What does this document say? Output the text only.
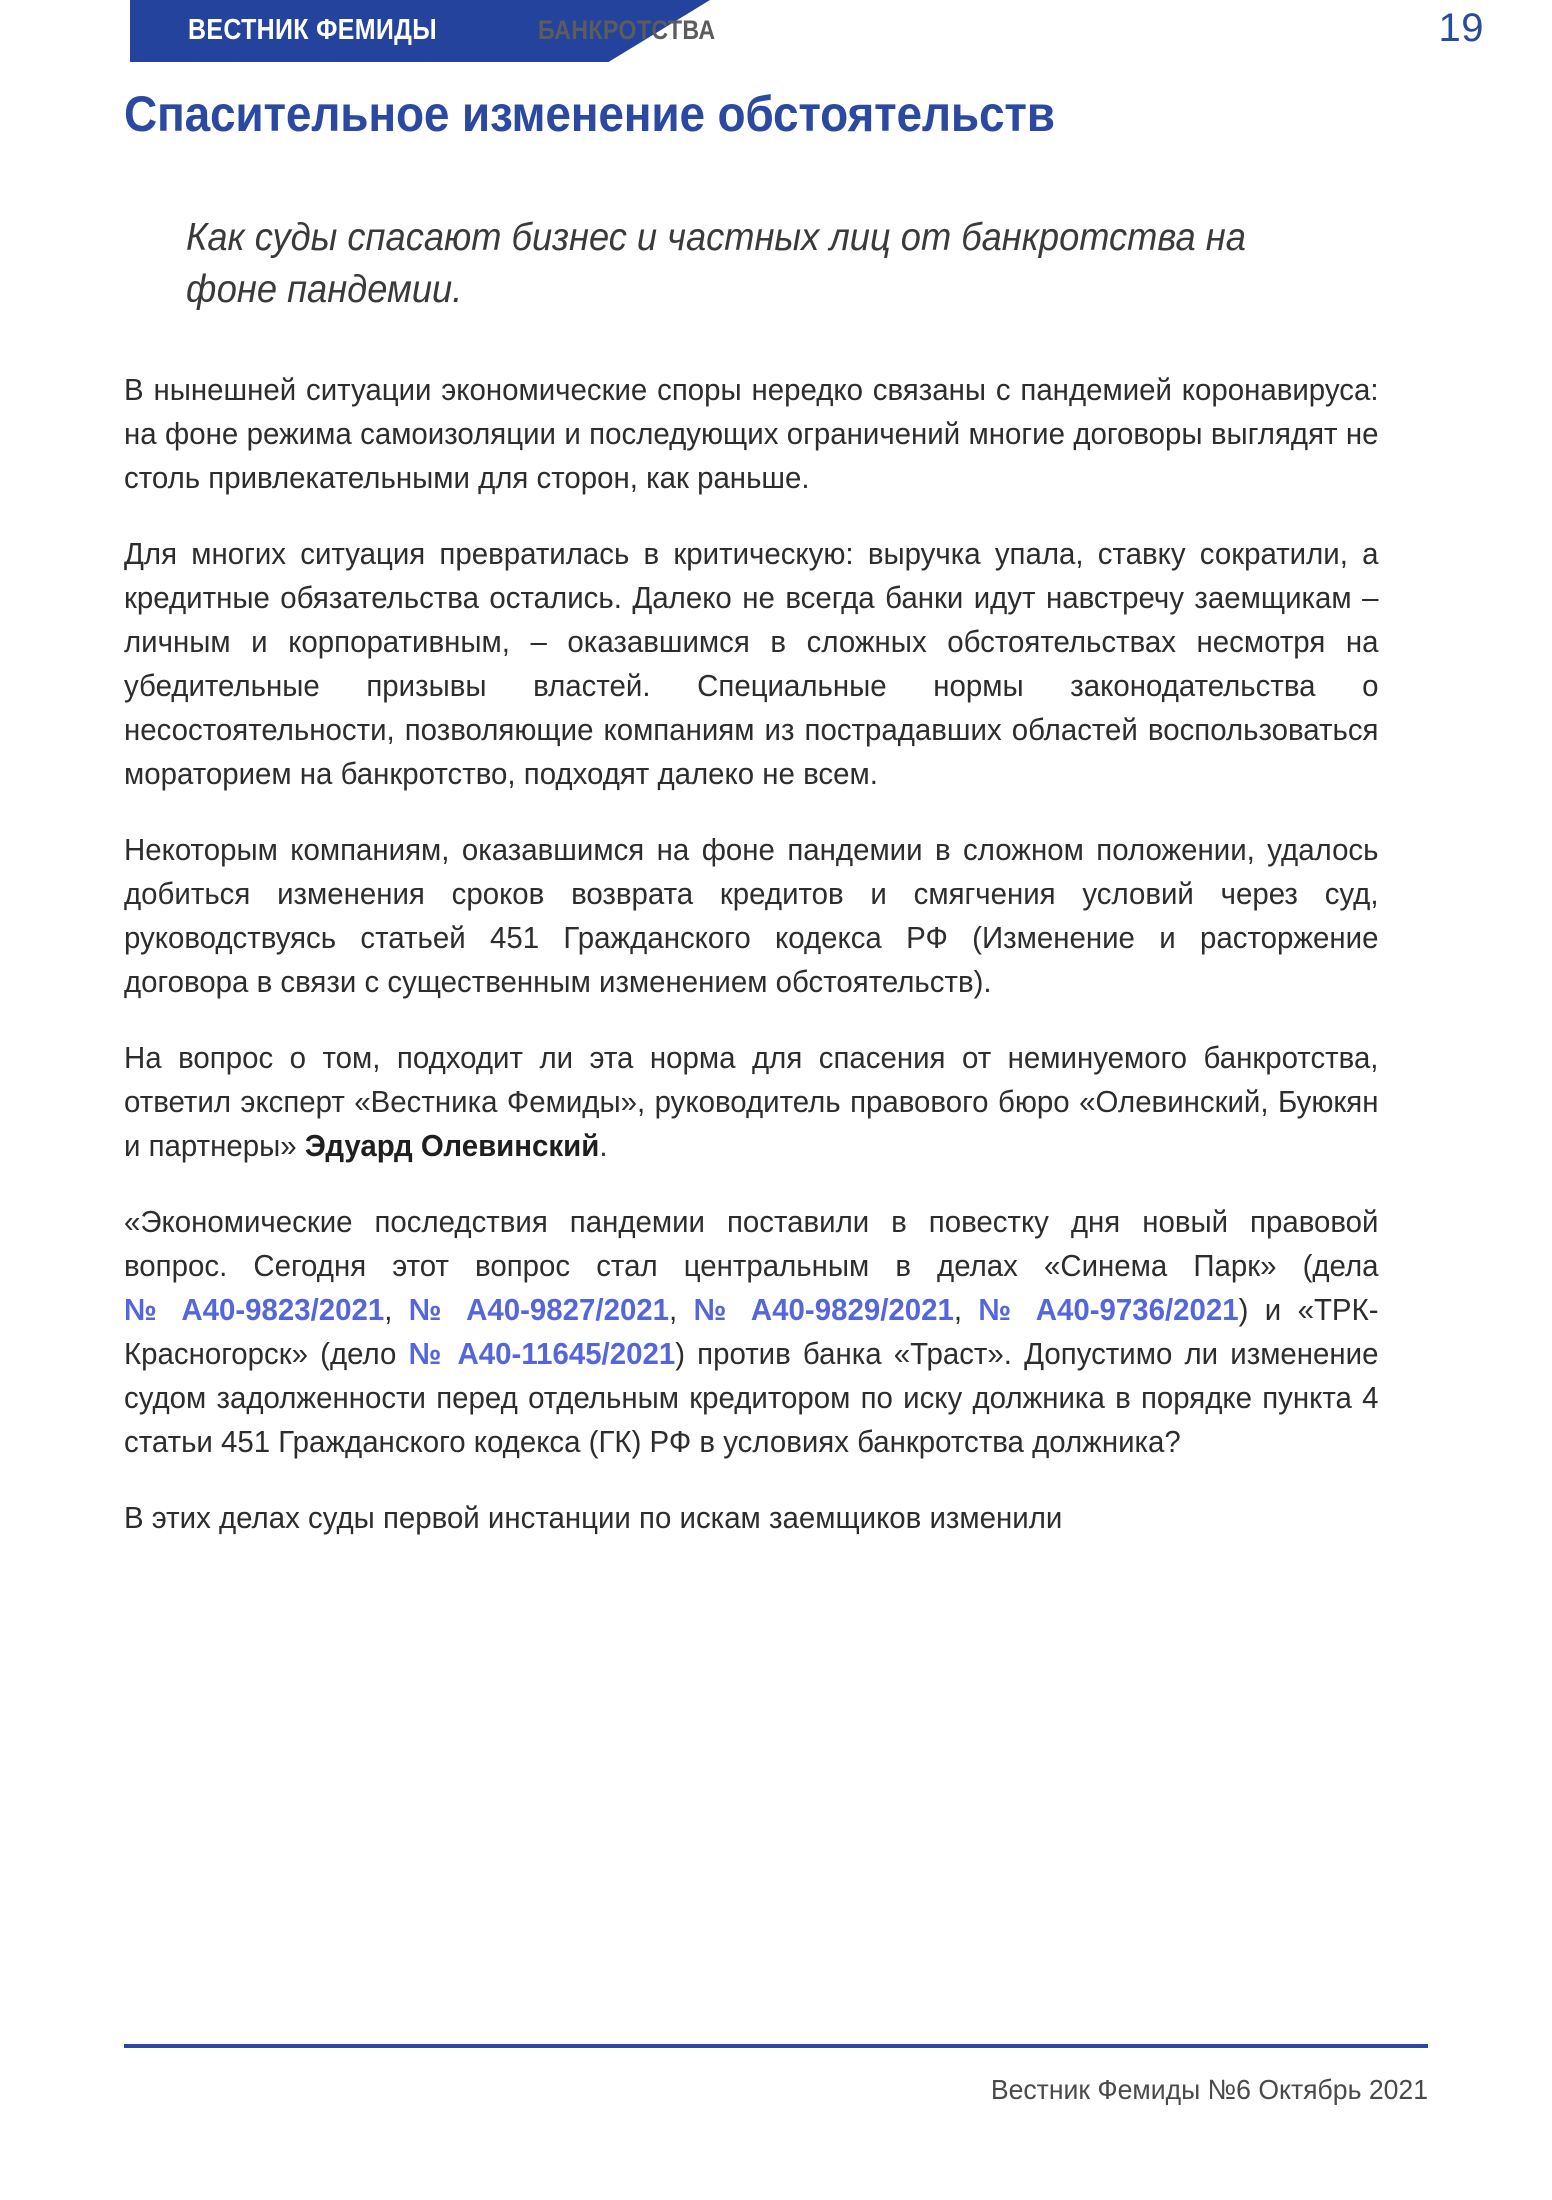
ВЕСТНИК ФЕМИДЫ	БАНКРОТСТВА	19
Спасительное изменение обстоятельств
Как суды спасают бизнес и частных лиц от банкротства на фоне пандемии.

В нынешней ситуации экономические споры нередко связаны с пандемией коронавируса: на фоне режима самоизоляции и последующих ограничений многие договоры выглядят не столь привлекательными для сторон, как раньше.

Для многих ситуация превратилась в критическую: выручка упала, ставку сократили, а кредитные обязательства остались. Далеко не всегда банки идут навстречу заемщикам – личным и корпоративным, – оказавшимся в сложных обстоятельствах несмотря на убедительные призывы властей. Специальные нормы законодательства о несостоятельности, позволяющие компаниям из пострадавших областей воспользоваться мораторием на банкротство, подходят далеко не всем.

Некоторым компаниям, оказавшимся на фоне пандемии в сложном положении, удалось добиться изменения сроков возврата кредитов и смягчения условий через суд, руководствуясь статьей 451 Гражданского кодекса РФ (Изменение и расторжение договора в связи с существенным изменением обстоятельств).

На вопрос о том, подходит ли эта норма для спасения от неминуемого банкротства, ответил эксперт «Вестника Фемиды», руководитель правового бюро «Олевинский, Буюкян и партнеры» Эдуард Олевинский.

«Экономические последствия пандемии поставили в повестку дня новый правовой вопрос. Сегодня этот вопрос стал центральным в делах «Синема Парк» (дела № А40-9823/2021, № А40-9827/2021, № А40-9829/2021, № А40-9736/2021) и «ТРК-Красногорск» (дело № А40-11645/2021) против банка «Траст». Допустимо ли изменение судом задолженности перед отдельным кредитором по иску должника в порядке пункта 4 статьи 451 Гражданского кодекса (ГК) РФ в условиях банкротства должника?

В этих делах суды первой инстанции по искам заемщиков изменили

Вестник Фемиды №6 Октябрь 2021
